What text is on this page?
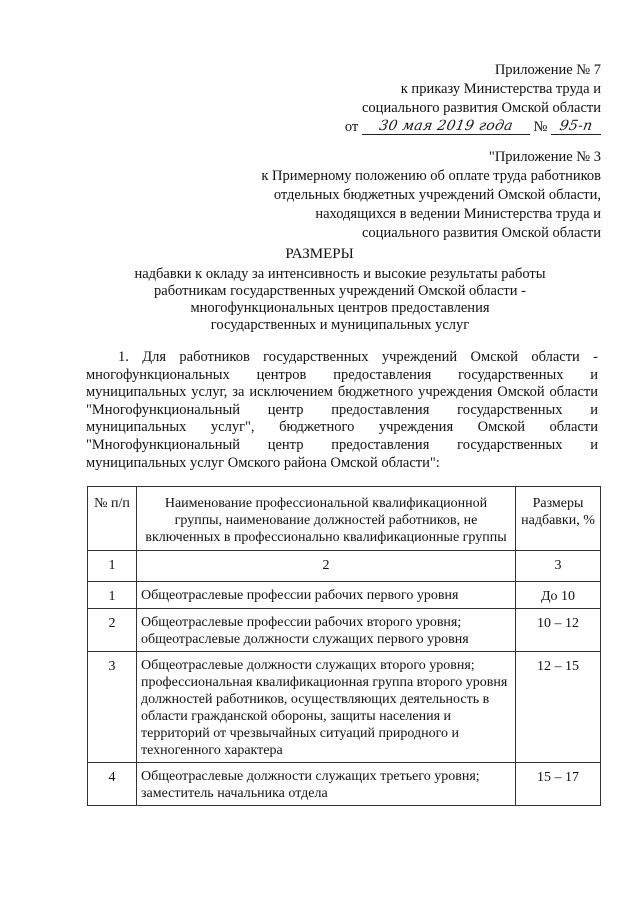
Приложение № 7
к приказу Министерства труда и
социального развития Омской области
от	30 мая 2019 года	№ 95-п
"Приложение № 3
к Примерному положению об оплате труда работников
отдельных бюджетных учреждений Омской области,
находящихся в ведении Министерства труда и
социального развития Омской области
РАЗМЕРЫ
надбавки к окладу за интенсивность и высокие результаты работы
работникам государственных учреждений Омской области -
многофункциональных центров предоставления
государственных и муниципальных услуг

1. Для работников государственных учреждений Омской области - многофункциональных центров предоставления государственных и муниципальных услуг, за исключением бюджетного учреждения Омской области "Многофункциональный центр предоставления государственных и муниципальных услуг", бюджетного учреждения Омской области "Многофункциональный центр предоставления государственных и муниципальных услуг Омского района Омской области":

№ п/п	Наименование профессиональной квалификационной группы, наименование должностей работников, не включенных в профессионально квалификационные группы	Размеры надбавки, %
1	2	3
1	Общеотраслевые профессии рабочих первого уровня	До 10
2	Общеотраслевые профессии рабочих второго уровня; общеотраслевые должности служащих первого уровня	10 – 12
3	Общеотраслевые должности служащих второго уровня; профессиональная квалификационная группа второго уровня должностей работников, осуществляющих деятельность в области гражданской обороны, защиты населения и территорий от чрезвычайных ситуаций природного и техногенного характера	12 – 15
4	Общеотраслевые должности служащих третьего уровня; заместитель начальника отдела	15 – 17
